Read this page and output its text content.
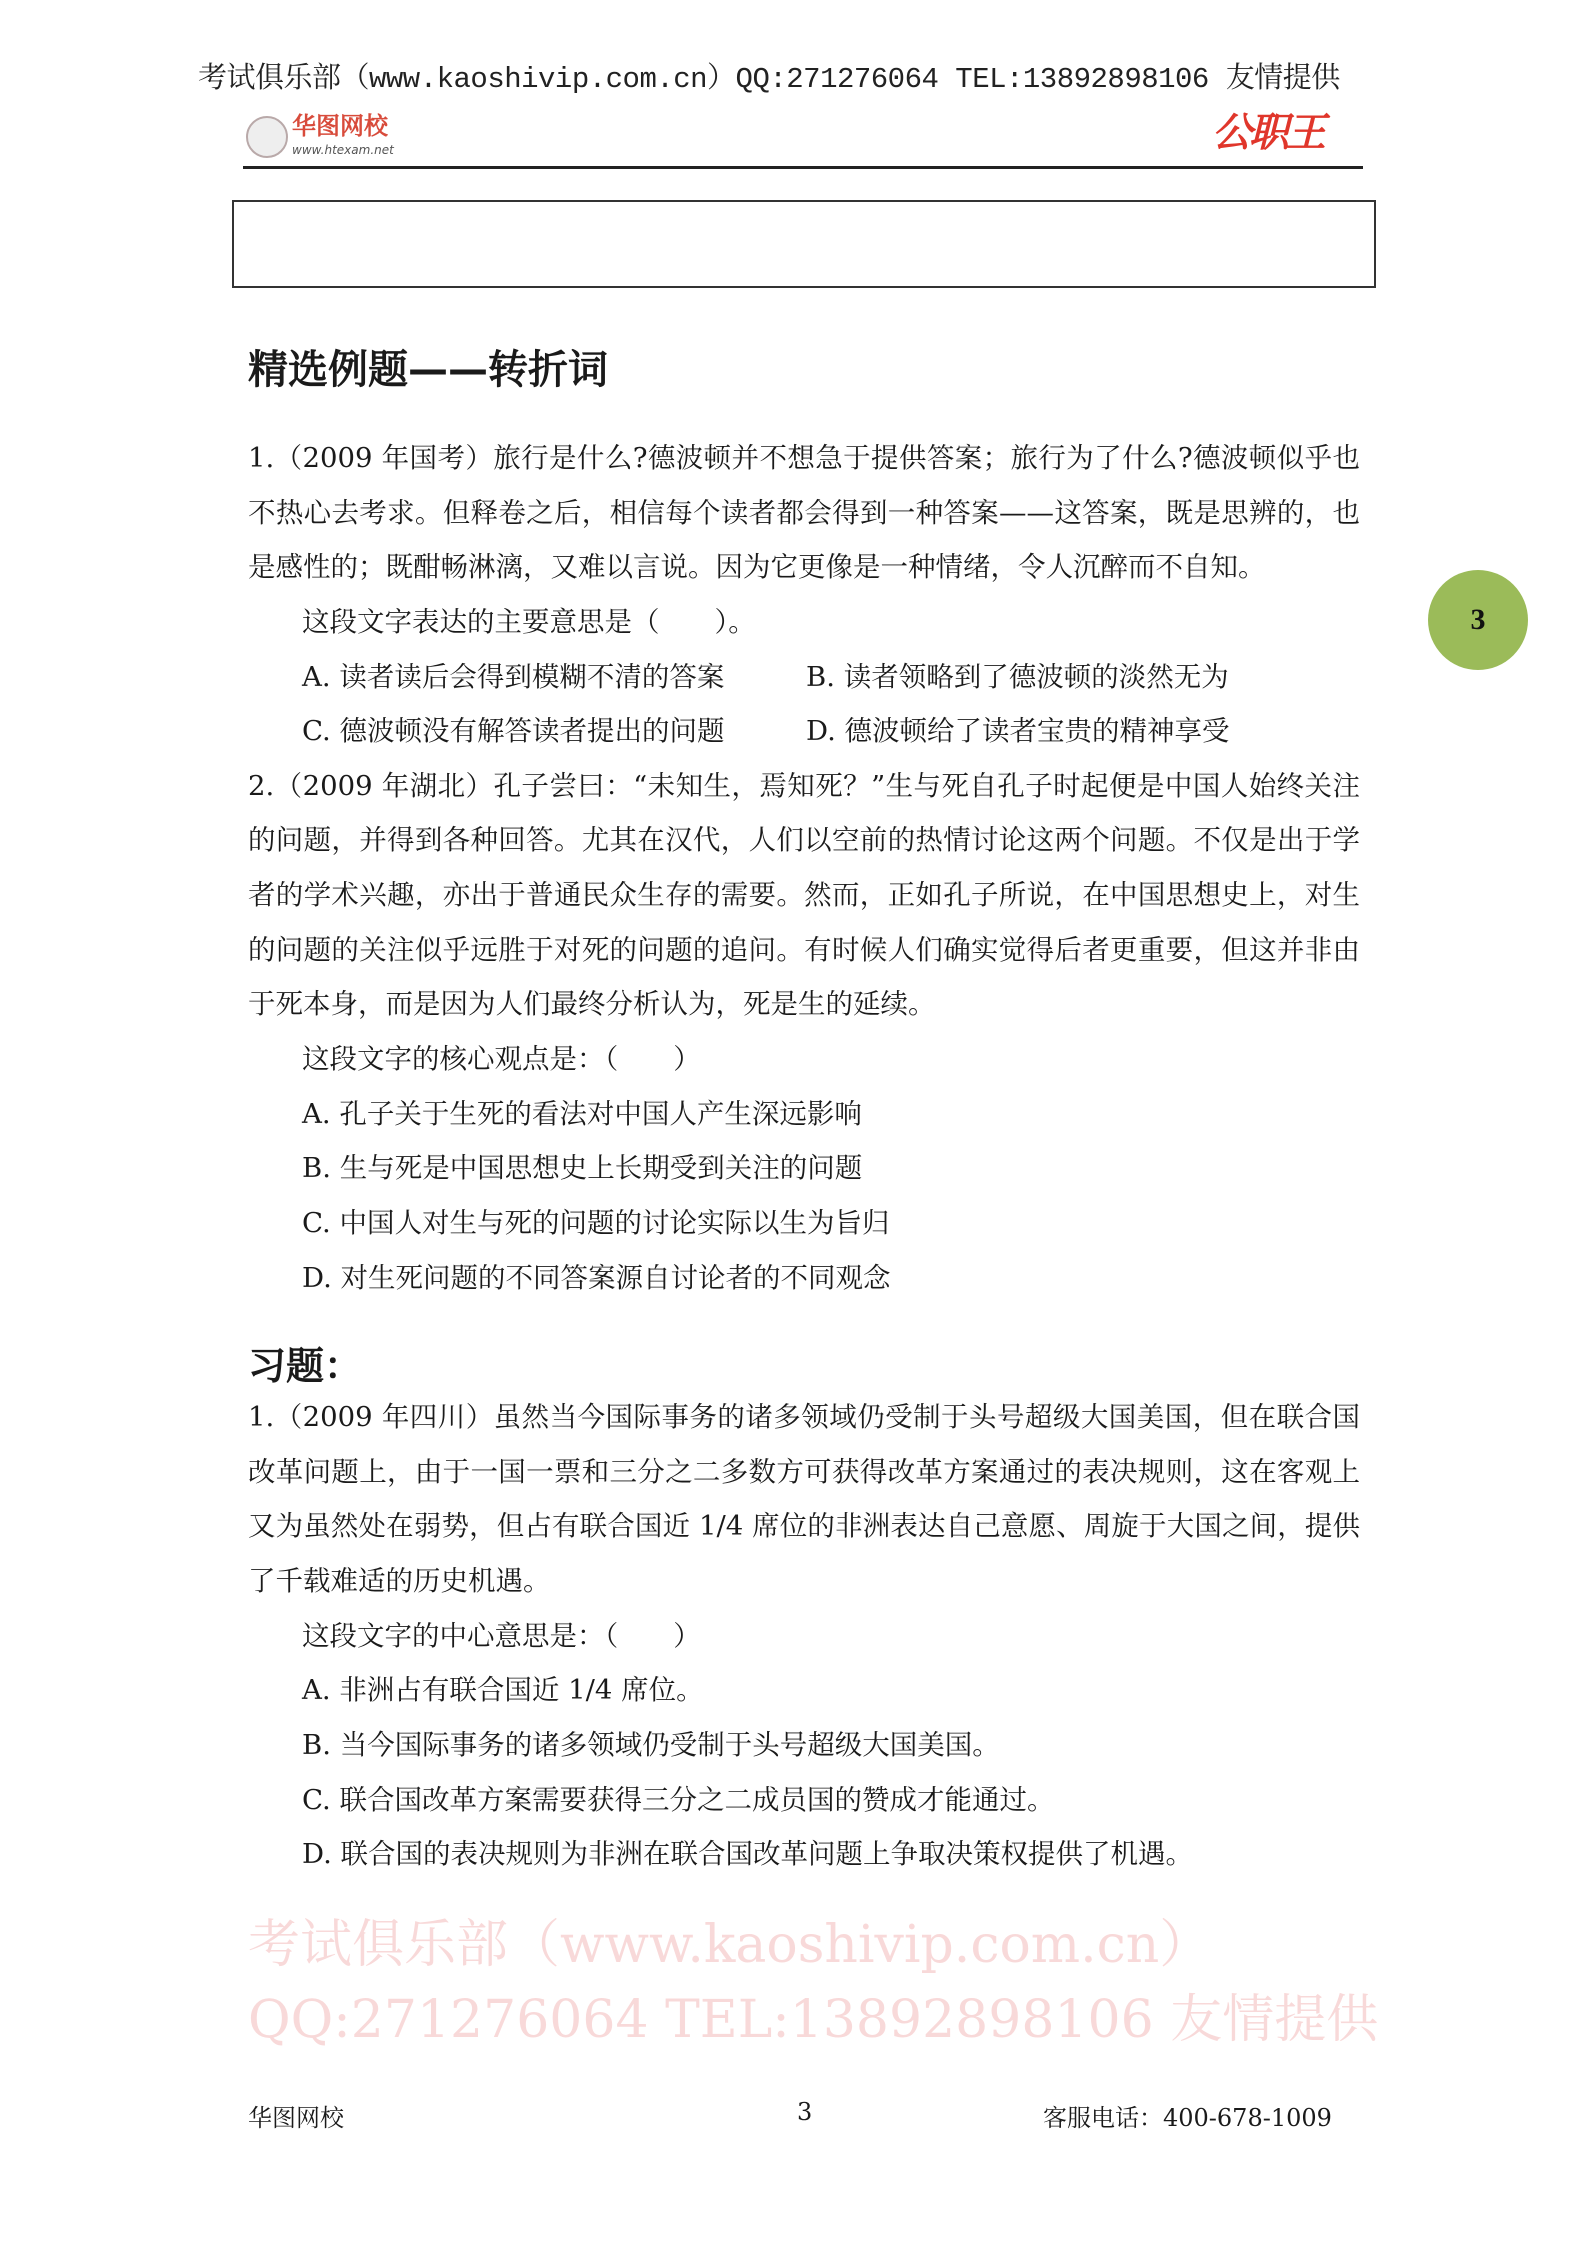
考试俱乐部（www.kaoshivip.com.cn）QQ:271276064 TEL:13892898106 友情提供
华图网校
www.htexam.net	公职王
精选例题——转折词
1.（2009 年国考）旅行是什么?德波顿并不想急于提供答案；旅行为了什么?德波顿似乎也
不热心去考求。但释卷之后，相信每个读者都会得到一种答案——这答案，既是思辨的，也
是感性的；既酣畅淋漓，又难以言说。因为它更像是一种情绪，令人沉醉而不自知。
这段文字表达的主要意思是（　　）。
A. 读者读后会得到模糊不清的答案	B. 读者领略到了德波顿的淡然无为
C. 德波顿没有解答读者提出的问题	D. 德波顿给了读者宝贵的精神享受
2.（2009 年湖北）孔子尝曰：“未知生，焉知死？”生与死自孔子时起便是中国人始终关注
的问题，并得到各种回答。尤其在汉代，人们以空前的热情讨论这两个问题。不仅是出于学
者的学术兴趣，亦出于普通民众生存的需要。然而，正如孔子所说，在中国思想史上，对生
的问题的关注似乎远胜于对死的问题的追问。有时候人们确实觉得后者更重要，但这并非由
于死本身，而是因为人们最终分析认为，死是生的延续。
这段文字的核心观点是：（　　）
A. 孔子关于生死的看法对中国人产生深远影响
B. 生与死是中国思想史上长期受到关注的问题
C. 中国人对生与死的问题的讨论实际以生为旨归
D. 对生死问题的不同答案源自讨论者的不同观念
习题：
1.（2009 年四川）虽然当今国际事务的诸多领域仍受制于头号超级大国美国，但在联合国
改革问题上，由于一国一票和三分之二多数方可获得改革方案通过的表决规则，这在客观上
又为虽然处在弱势，但占有联合国近 1/4 席位的非洲表达自己意愿、周旋于大国之间，提供
了千载难适的历史机遇。
这段文字的中心意思是：（　　）
A. 非洲占有联合国近 1/4 席位。
B. 当今国际事务的诸多领域仍受制于头号超级大国美国。
C. 联合国改革方案需要获得三分之二成员国的赞成才能通过。
D. 联合国的表决规则为非洲在联合国改革问题上争取决策权提供了机遇。
3
考试俱乐部（www.kaoshivip.com.cn）
QQ:271276064 TEL:13892898106 友情提供
华图网校	3	客服电话：400-678-1009
